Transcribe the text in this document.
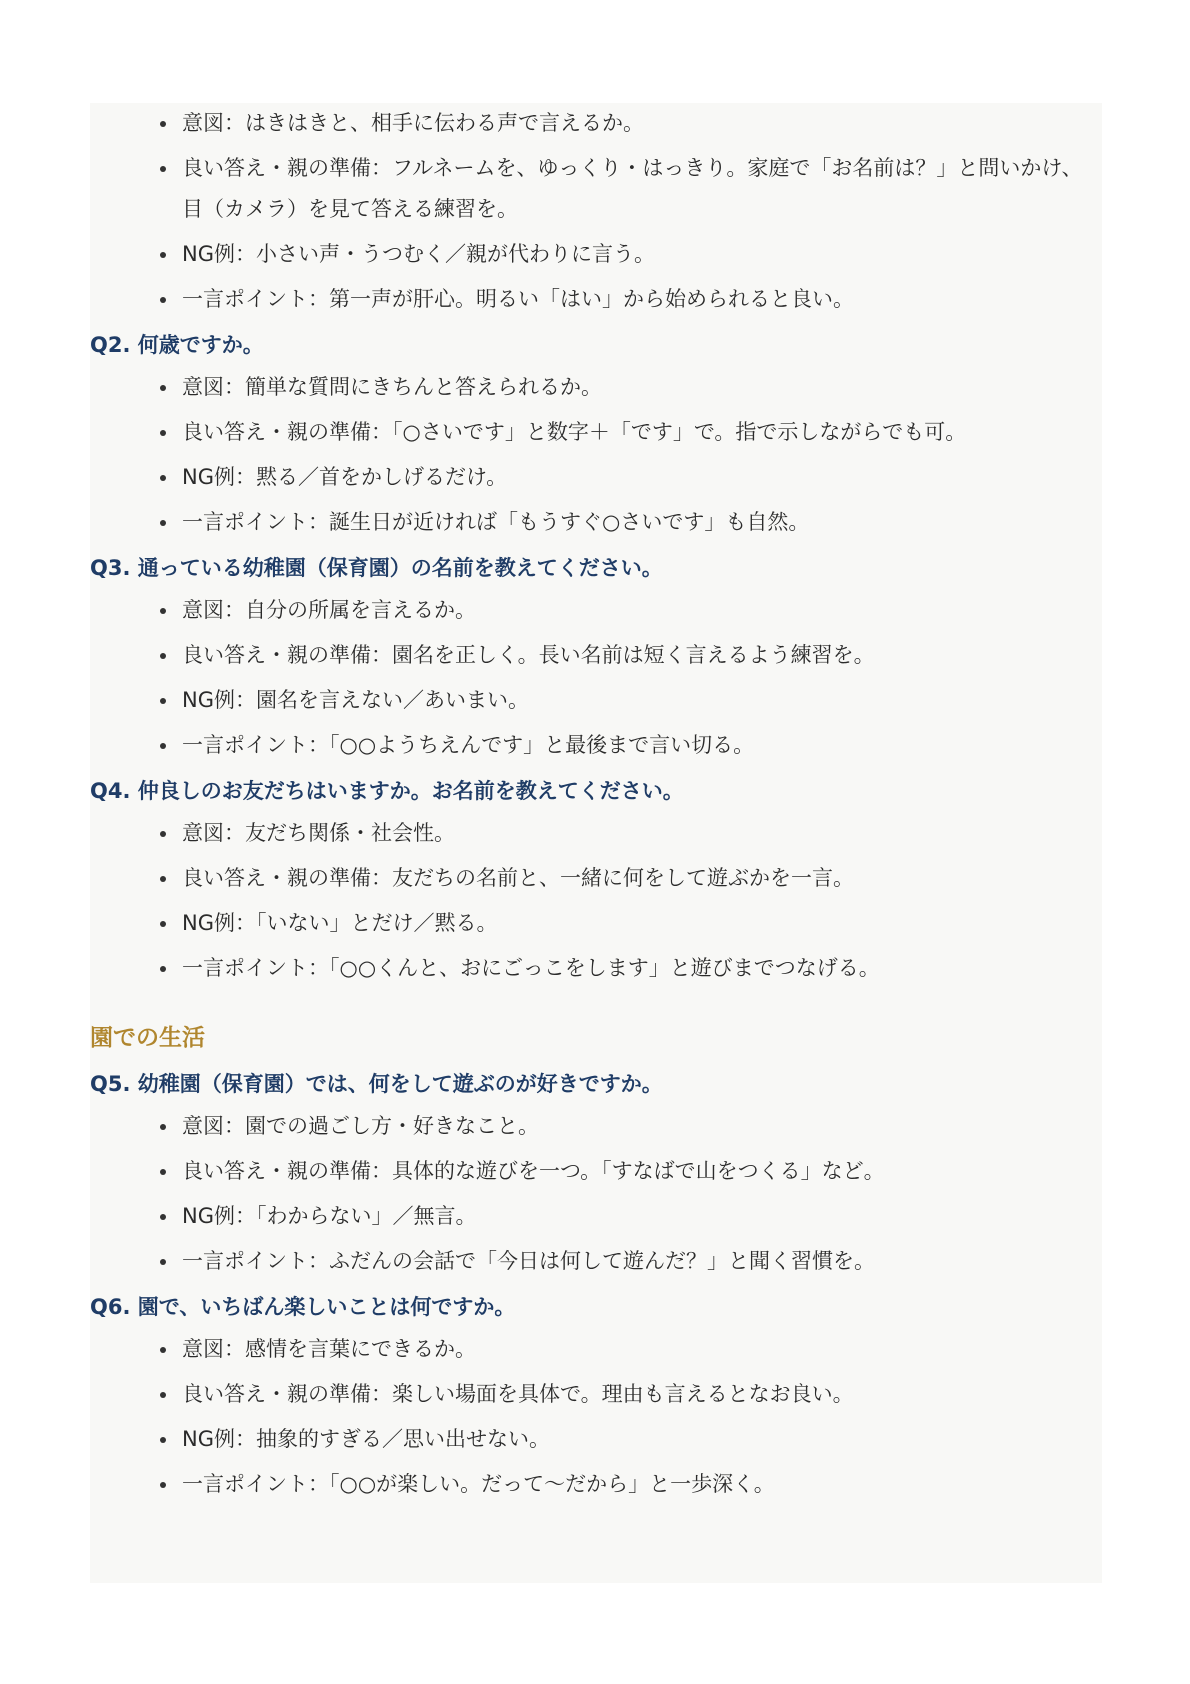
意図：はきはきと、相手に伝わる声で言えるか。
良い答え・親の準備：フルネームを、ゆっくり・はっきり。家庭で「お名前は？」と問いかけ、目（カメラ）を見て答える練習を。
NG例：小さい声・うつむく／親が代わりに言う。
一言ポイント：第一声が肝心。明るい「はい」から始められると良い。
Q2. 何歳ですか。
意図：簡単な質問にきちんと答えられるか。
良い答え・親の準備：「○さいです」と数字＋「です」で。指で示しながらでも可。
NG例：黙る／首をかしげるだけ。
一言ポイント：誕生日が近ければ「もうすぐ○さいです」も自然。
Q3. 通っている幼稚園（保育園）の名前を教えてください。
意図：自分の所属を言えるか。
良い答え・親の準備：園名を正しく。長い名前は短く言えるよう練習を。
NG例：園名を言えない／あいまい。
一言ポイント：「○○ようちえんです」と最後まで言い切る。
Q4. 仲良しのお友だちはいますか。お名前を教えてください。
意図：友だち関係・社会性。
良い答え・親の準備：友だちの名前と、一緒に何をして遊ぶかを一言。
NG例：「いない」とだけ／黙る。
一言ポイント：「○○くんと、おにごっこをします」と遊びまでつなげる。
園での生活
Q5. 幼稚園（保育園）では、何をして遊ぶのが好きですか。
意図：園での過ごし方・好きなこと。
良い答え・親の準備：具体的な遊びを一つ。「すなばで山をつくる」など。
NG例：「わからない」／無言。
一言ポイント：ふだんの会話で「今日は何して遊んだ？」と聞く習慣を。
Q6. 園で、いちばん楽しいことは何ですか。
意図：感情を言葉にできるか。
良い答え・親の準備：楽しい場面を具体で。理由も言えるとなお良い。
NG例：抽象的すぎる／思い出せない。
一言ポイント：「○○が楽しい。だって〜だから」と一歩深く。
